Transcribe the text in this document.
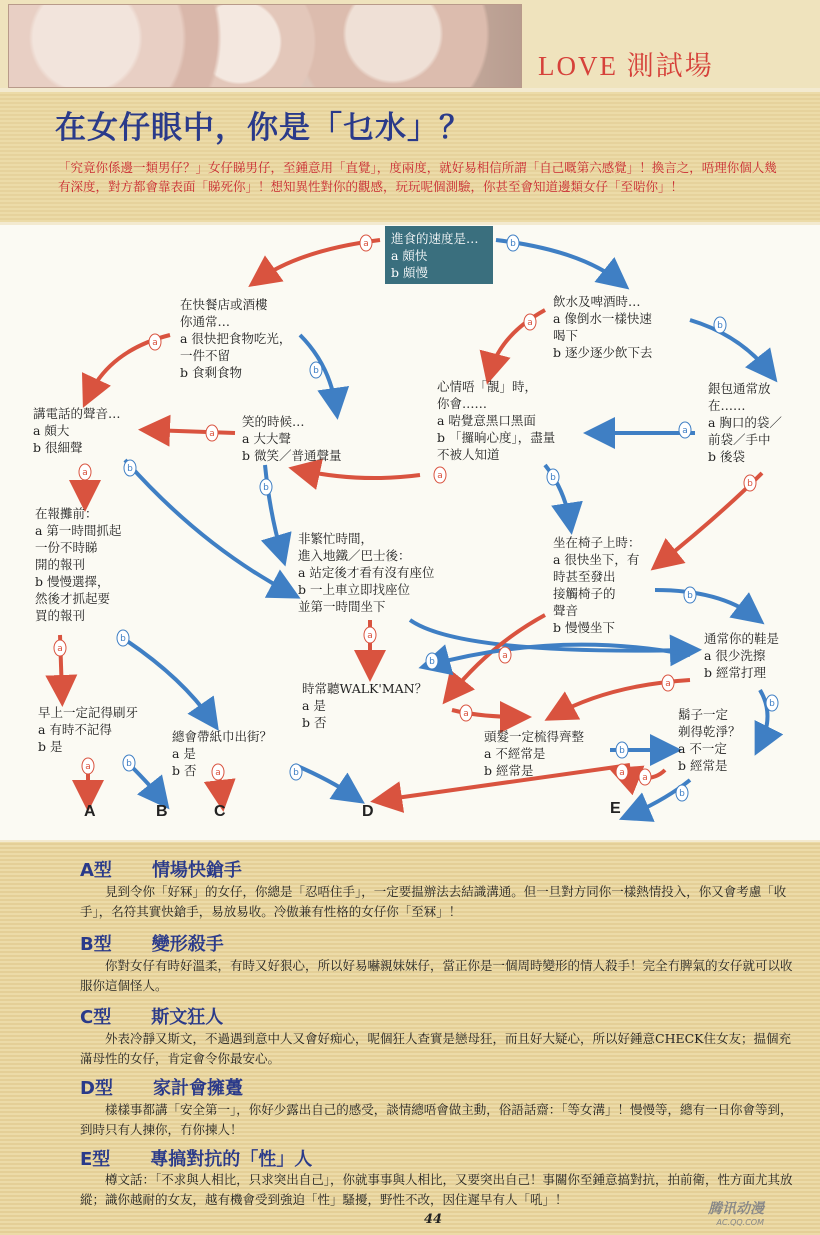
LOVE 測試場
在女仔眼中，你是「乜水」？
「究竟你係邊一類男仔？」女仔睇男仔，至鍾意用「直覺」，度兩度，就好易相信所謂「自己嘅第六感覺」！換言之，唔理你個人幾有深度，對方都會靠表面「睇死你」！想知異性對你的觀感，玩玩呢個測驗，你甚至會知道邊類女仔「至啱你」！
a	b
a
b
a	b
a
b
a	b
a
b
a	b
a
b	a
b
a
b
a
b
a
a	b
a	b	a
b
a
b
進食的速度是…
a 頗快
b 頗慢
在快餐店或酒樓
你通常…
a 很快把食物吃光，
一件不留
b 食剩食物
飲水及啤酒時…
a 像倒水一樣快速
喝下
b 逐少逐少飲下去
講電話的聲音…
a 頗大
b 很細聲
笑的時候…
a 大大聲
b 微笑／普通聲量
心情唔「靚」時，
你會……
a 啱覺意黑口黑面
b 「攞晌心度」，盡量
不被人知道
銀包通常放
在……
a 胸口的袋／
前袋／手中
b 後袋
在報攤前：
a 第一時間抓起
一份不時睇
開的報刊
b 慢慢選擇，
然後才抓起要
買的報刊
非繁忙時間，
進入地鐵／巴士後：
a 站定後才看有沒有座位
b 一上車立即找座位
並第一時間坐下
坐在椅子上時：
a 很快坐下，有
時甚至發出
接觸椅子的
聲音
b 慢慢坐下
通常你的鞋是
a 很少洗擦
b 經常打理
時常聽WALK'MAN？
a 是
b 否
早上一定記得刷牙
a 有時不記得
b 是
總會帶紙巾出街？
a 是
b 否
頭髮一定梳得齊整
a 不經常是
b 經常是
鬍子一定
剃得乾淨？
a 不一定
b 經常是
A	B	C	D	E
A型 情場快鎗手
見到令你「好冧」的女仔，你總是「忍唔住手」，一定要揾辦法去結識溝通。但一旦對方同你一樣熱情投入，你又會考慮「收手」，名符其實快鎗手，易放易收。冷傲兼有性格的女仔你「至冧」！
B型 變形殺手
你對女仔有時好溫柔，有時又好狠心，所以好易嚇親妹妹仔，當正你是一個周時變形的情人殺手！完全冇脾氣的女仔就可以收服你這個怪人。
C型 斯文狂人
外表冷靜又斯文，不過遇到意中人又會好痴心，呢個狂人查實是戀母狂，而且好大疑心，所以好鍾意CHECK住女友；揾個充滿母性的女仔，肯定會令你最安心。
D型 家計會擁躉
樣樣事都講「安全第一」，你好少露出自己的感受，談情總唔會做主動，俗語話齋：「等女溝」！慢慢等，總有一日你會等到，到時只有人揀你，冇你揀人！
E型 專搞對抗的「性」人
樽文話：「不求與人相比，只求突出自己」，你就事事與人相比，又要突出自己！事關你至鍾意搞對抗，拍前衛，性方面尤其放縱；識你越耐的女友，越有機會受到強迫「性」騷擾，野性不改，因住遲早有人「吼」！
44
腾讯动漫
AC.QQ.COM
